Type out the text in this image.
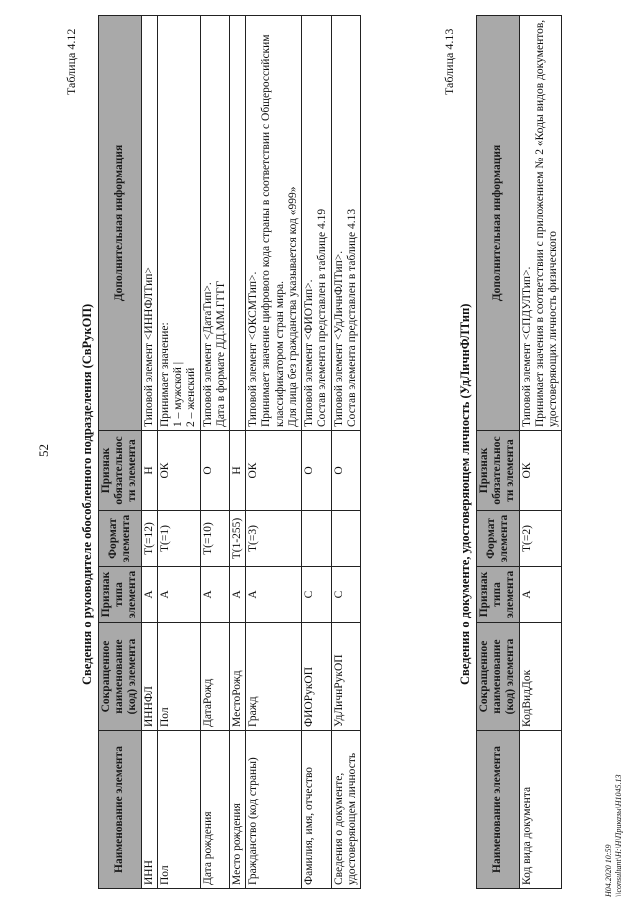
52
Таблица 4.12
Сведения о руководителе обособленного подразделения (СвРукОП)
Наименование элемента	Сокращенное наименование (код) элемента	Признак типа элемента	Формат элемента	Признак обязательности элемента	Дополнительная информация
ИНН	ИННФЛ	А	T(=12)	Н	Типовой элемент <ИННФЛТип>
Пол	Пол	А	T(=1)	ОК	Принимает значение:
1 – мужской |
2 – женский
Дата рождения	ДатаРожд	А	T(=10)	О	Типовой элемент <ДатаТип>.
Дата в формате ДД.ММ.ГГГГ
Место рождения	МестоРожд	А	T(1-255)	Н	
Гражданство (код страны)	Гражд	А	T(=3)	ОК	Типовой элемент <ОКСМТип>.
Принимает значение цифрового кода страны в соответствии с Общероссийским классификатором стран мира.
Для лица без гражданства указывается код «999»
Фамилия, имя, отчество	ФИОРукОП	С		О	Типовой элемент <ФИОТип>.
Состав элемента представлен в таблице 4.19
Сведения о документе, удостоверяющем личность	УдЛичнРукОП	С		О	Типовой элемент <УдЛичнФЛТип>.
Состав элемента представлен в таблице 4.13
Таблица 4.13
Сведения о документе, удостоверяющем личность (УдЛичнФЛТип)
Наименование элемента	Сокращенное наименование (код) элемента	Признак типа элемента	Формат элемента	Признак обязательности элемента	Дополнительная информация
Код вида документа	КодВидДок	А	T(=2)	ОК	Типовой элемент <СПДУЛТип>.
Принимает значения в соответствии с приложением № 2 «Коды видов документов, удостоверяющих личность физического
Н04.2020 10:59 \\consultant\H:\H\Приказы\Н1045.13
